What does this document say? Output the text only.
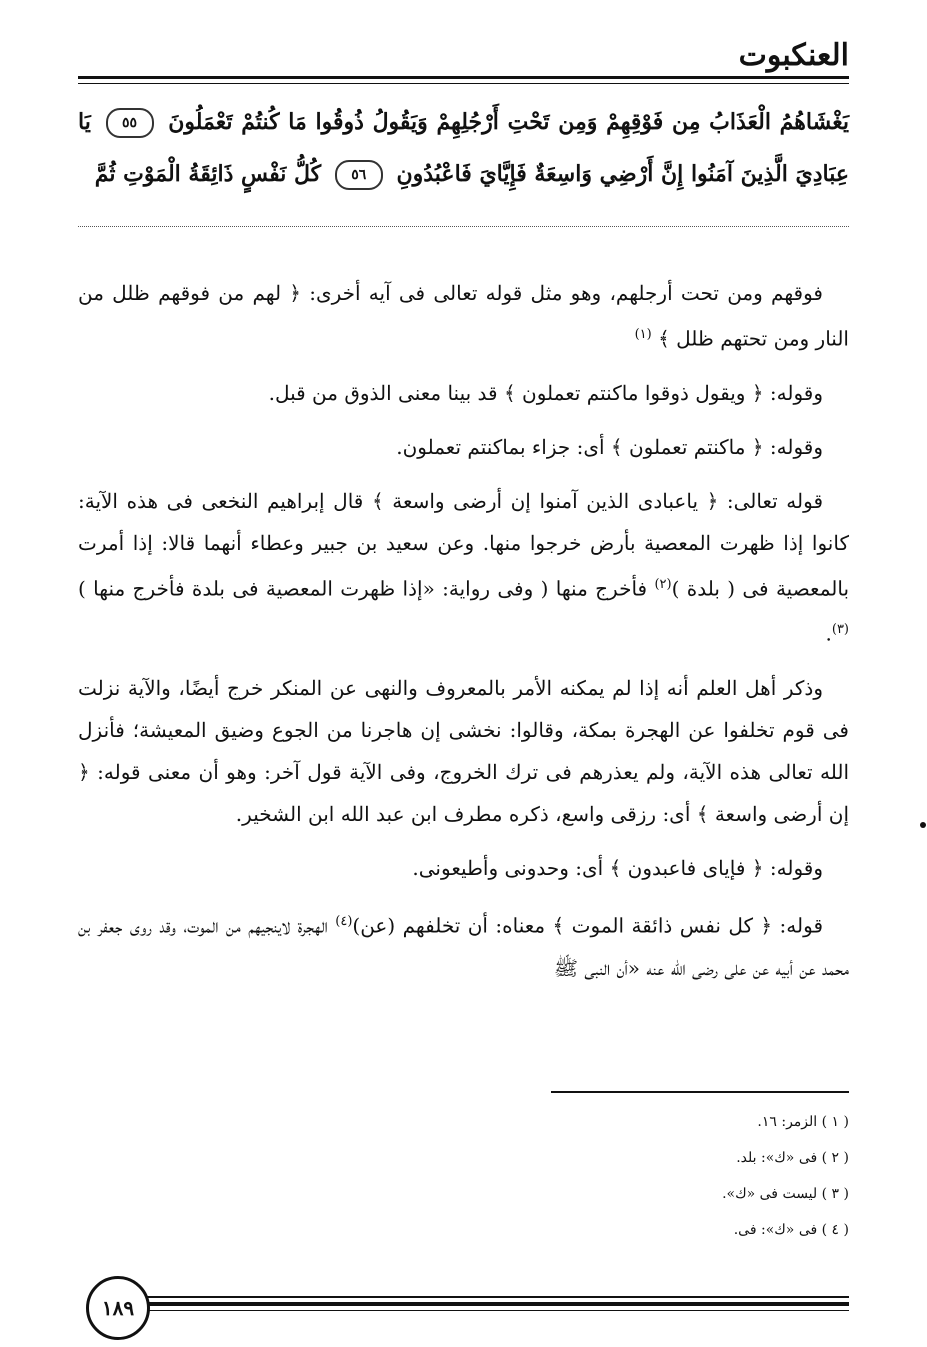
العنكبوت
يَغْشَاهُمُ الْعَذَابُ مِن فَوْقِهِمْ وَمِن تَحْتِ أَرْجُلِهِمْ وَيَقُولُ ذُوقُوا مَا كُنتُمْ تَعْمَلُونَ ٥٥ يَا عِبَادِيَ الَّذِينَ آمَنُوا إِنَّ أَرْضِي وَاسِعَةٌ فَإِيَّايَ فَاعْبُدُونِ ٥٦ كُلُّ نَفْسٍ ذَائِقَةُ الْمَوْتِ ثُمَّ

فوقهم ومن تحت أرجلهم، وهو مثل قوله تعالى فى آيه أخرى: ﴿ لهم من فوقهم ظلل من النار ومن تحتهم ظلل ﴾ $^{(١)}$

وقوله: ﴿ ويقول ذوقوا ماكنتم تعملون ﴾ قد بينا معنى الذوق من قبل.

وقوله: ﴿ ماكنتم تعملون ﴾ أى: جزاء بماكنتم تعملون.

قوله تعالى: ﴿ ياعبادى الذين آمنوا إن أرضى واسعة ﴾ قال إبراهيم النخعى فى هذه الآية: كانوا إذا ظهرت المعصية بأرض خرجوا منها. وعن سعيد بن جبير وعطاء أنهما قالا: إذا أمرت بالمعصية فى ( بلدة )$^{(٢)}$ فأخرج منها ( وفى رواية: «إذا ظهرت المعصية فى بلدة فأخرج منها )$^{(٣)}$.

وذكر أهل العلم أنه إذا لم يمكنه الأمر بالمعروف والنهى عن المنكر خرج أيضًا، والآية نزلت فى قوم تخلفوا عن الهجرة بمكة، وقالوا: نخشى إن هاجرنا من الجوع وضيق المعيشة؛ فأنزل الله تعالى هذه الآية، ولم يعذرهم فى ترك الخروج، وفى الآية قول آخر: وهو أن معنى قوله: ﴿ إن أرضى واسعة ﴾ أى: رزقى واسع، ذكره مطرف ابن عبد الله ابن الشخير.

وقوله: ﴿ فإياى فاعبدون ﴾ أى: وحدونى وأطيعونى.

قوله: ﴿ كل نفس ذائقة الموت ﴾ معناه: أن تخلفهم (عن)$^{(٤)}$ الهجرة لاينجيهم من الموت، وقد روى جعفر بن محمد عن أبيه عن على رضى الله عنه «أن النبى ﷺ

( ١ ) الزمر: ١٦.
( ٢ ) فى «ك»: بلد.
( ٣ ) ليست فى «ك».
( ٤ ) فى «ك»: فى.
١٨٩
